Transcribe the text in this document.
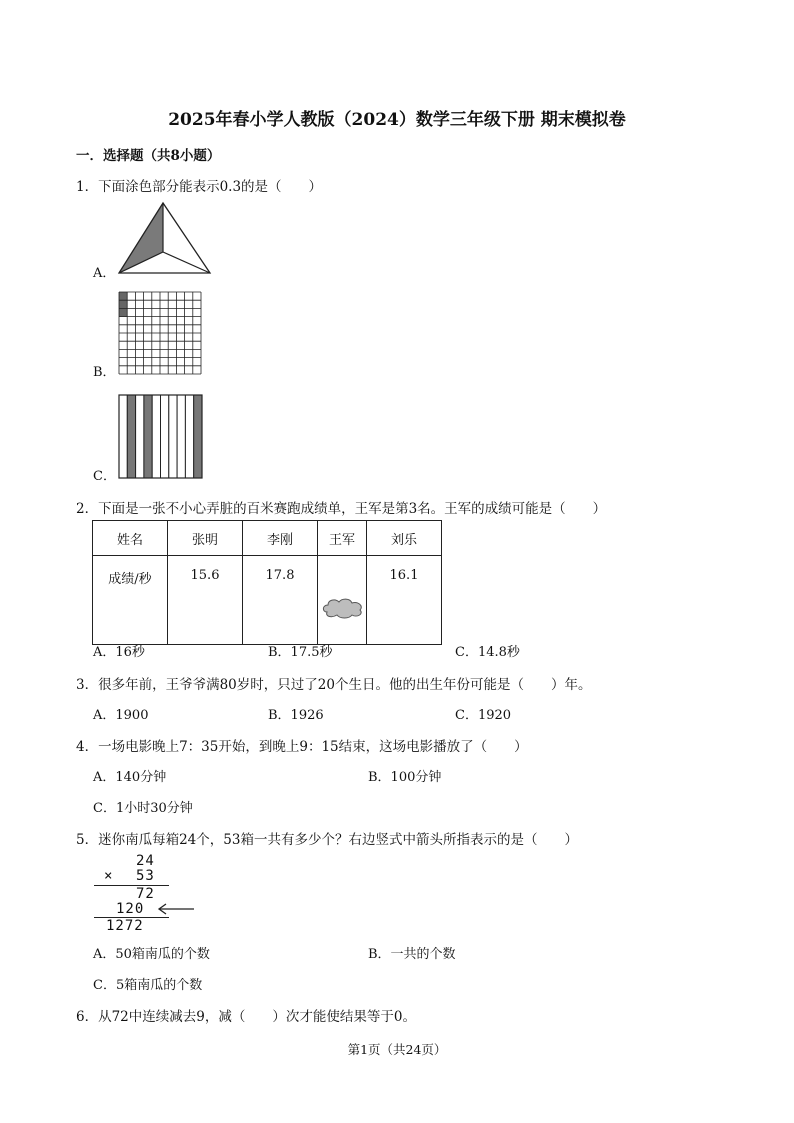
2025年春小学人教版（2024）数学三年级下册 期末模拟卷
一．选择题（共8小题）
1．下面涂色部分能表示0.3的是（　　）
A．
B．
C．
2．下面是一张不小心弄脏的百米赛跑成绩单，王军是第3名。王军的成绩可能是（　　）
姓名	张明	李刚	王军	刘乐
成绩/秒	15.6	17.8		16.1
A．16秒	B．17.5秒	C．14.8秒
3．很多年前，王爷爷满80岁时，只过了20个生日。他的出生年份可能是（　　）年。
A．1900	B．1926	C．1920
4．一场电影晚上7：35开始，到晚上9：15结束，这场电影播放了（　　）
A．140分钟	B．100分钟
C．1小时30分钟
5．迷你南瓜每箱24个，53箱一共有多少个？右边竖式中箭头所指表示的是（　　）
24
× 53
72
120
1272
A．50箱南瓜的个数	B．一共的个数
C．5箱南瓜的个数
6．从72中连续减去9，减（　　）次才能使结果等于0。
第1页（共24页）
